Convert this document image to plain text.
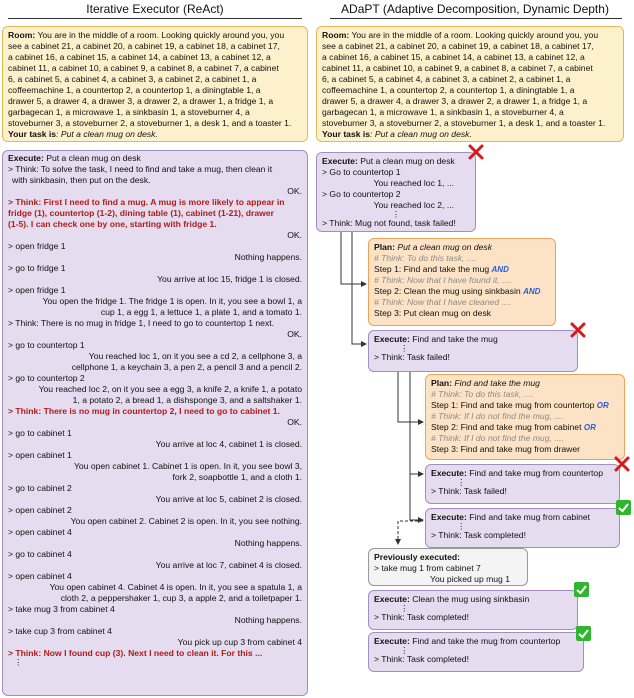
Iterative Executor (ReAct)	ADaPT (Adaptive Decomposition, Dynamic Depth)
Room: You are in the middle of a room. Looking quickly around you, you
see a cabinet 21, a cabinet 20, a cabinet 19, a cabinet 18, a cabinet 17,
a cabinet 16, a cabinet 15, a cabinet 14, a cabinet 13, a cabinet 12, a
cabinet 11, a cabinet 10, a cabinet 9, a cabinet 8, a cabinet 7, a cabinet
6, a cabinet 5, a cabinet 4, a cabinet 3, a cabinet 2, a cabinet 1, a
coffeemachine 1, a countertop 2, a countertop 1, a diningtable 1, a
drawer 5, a drawer 4, a drawer 3, a drawer 2, a drawer 1, a fridge 1, a
garbagecan 1, a microwave 1, a sinkbasin 1, a stoveburner 4, a
stoveburner 3, a stoveburner 2, a stoveburner 1, a desk 1, and a toaster 1.
Your task is: Put a clean mug on desk.
Execute: Put a clean mug on desk
> Think: To solve the task, I need to find and take a mug, then clean it
with sinkbasin, then put on the desk.
OK.
> Think: First I need to find a mug. A mug is more likely to appear in
fridge (1), countertop (1-2), dining table (1), cabinet (1-21), drawer
(1-5). I can check one by one, starting with fridge 1.
OK.
> open fridge 1
Nothing happens.
> go to fridge 1
You arrive at loc 15, fridge 1 is closed.
> open fridge 1
You open the fridge 1. The fridge 1 is open. In it, you see a bowl 1, a
cup 1, a egg 1, a lettuce 1, a plate 1, and a tomato 1.
> Think: There is no mug in fridge 1, I need to go to countertop 1 next.
OK.
> go to countertop 1
You reached loc 1, on it you see a cd 2, a cellphone 3, a
cellphone 1, a keychain 3, a pen 2, a pencil 3 and a pencil 2.
> go to countertop 2
You reached loc 2, on it you see a egg 3, a knife 2, a knife 1, a potato
1, a potato 2, a bread 1, a dishsponge 3, and a saltshaker 1.
> Think: There is no mug in countertop 2, I need to go to cabinet 1.
OK.
> go to cabinet 1
You arrive at loc 4, cabinet 1 is closed.
> open cabinet 1
You open cabinet 1. Cabinet 1 is open. In it, you see bowl 3,
fork 2, soapbottle 1, and a cloth 1.
> go to cabinet 2
You arrive at loc 5, cabinet 2 is closed.
> open cabinet 2
You open cabinet 2. Cabinet 2 is open. In it, you see nothing.
> open cabinet 4
Nothing happens.
> go to cabinet 4
You arrive at loc 7, cabinet 4 is closed.
> open cabinet 4
You open cabinet 4. Cabinet 4 is open. In it, you see a spatula 1, a
cloth 2, a peppershaker 1, cup 3, a apple 2, and a toiletpaper 1.
> take mug 3 from cabinet 4
Nothing happens.
> take cup 3 from cabinet 4
You pick up cup 3 from cabinet 4
> Think: Now I found cup (3). Next I need to clean it. For this ...
⋮
Room: You are in the middle of a room. Looking quickly around you, you
see a cabinet 21, a cabinet 20, a cabinet 19, a cabinet 18, a cabinet 17,
a cabinet 16, a cabinet 15, a cabinet 14, a cabinet 13, a cabinet 12, a
cabinet 11, a cabinet 10, a cabinet 9, a cabinet 8, a cabinet 7, a cabinet
6, a cabinet 5, a cabinet 4, a cabinet 3, a cabinet 2, a cabinet 1, a
coffeemachine 1, a countertop 2, a countertop 1, a diningtable 1, a
drawer 5, a drawer 4, a drawer 3, a drawer 2, a drawer 1, a fridge 1, a
garbagecan 1, a microwave 1, a sinkbasin 1, a stoveburner 4, a
stoveburner 3, a stoveburner 2, a stoveburner 1, a desk 1, and a toaster 1.
Your task is: Put a clean mug on desk.
Execute: Put a clean mug on desk
> Go to countertop 1
You reached loc 1, ...
> Go to countertop 2
You reached loc 2, ...
⋮
> Think: Mug not found, task failed!
Plan: Put a clean mug on desk
# Think: To do this task, ....
Step 1: Find and take the mug AND
# Think: Now that I have found it, ....
Step 2: Clean the mug using sinkbasin AND
# Think: Now that I have cleaned ....
Step 3: Put clean mug on desk
Execute: Find and take the mug
⋮
> Think: Task failed!
Plan: Find and take the mug
# Think: To do this task, ....
Step 1: Find and take mug from countertop OR
# Think: If I do not find the mug, ....
Step 2: Find and take mug from cabinet OR
# Think: If I do not find the mug, ....
Step 3: Find and take mug from drawer
Execute: Find and take mug from countertop
⋮
> Think: Task failed!
Execute: Find and take mug from cabinet
⋮
> Think: Task completed!
Previously executed:
> take mug 1 from cabinet 7
You picked up mug 1
Execute: Clean the mug using sinkbasin
⋮
> Think: Task completed!
Execute: Find and take the mug from countertop
⋮
> Think: Task completed!
